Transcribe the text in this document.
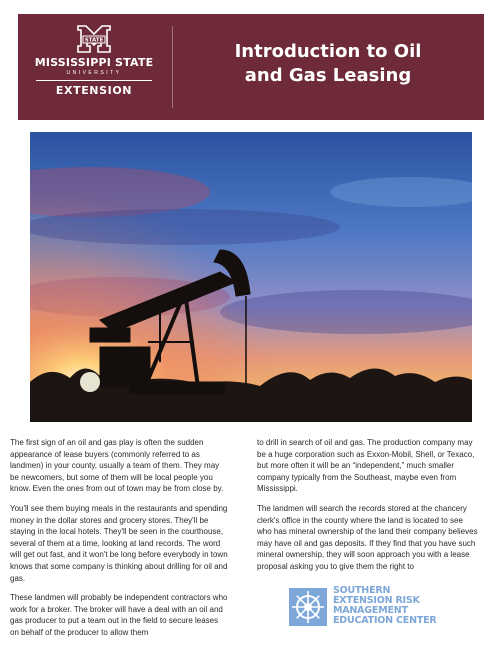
STATE
MISSISSIPPI STATE
UNIVERSITY
EXTENSION
Introduction to Oil
and Gas Leasing

The first sign of an oil and gas play is often the sudden appearance of lease buyers (commonly referred to as landmen) in your county, usually a team of them. They may be newcomers, but some of them will be local people you know. Even the ones from out of town may be from close by.

You'll see them buying meals in the restaurants and spending money in the dollar stores and grocery stores. They'll be staying in the local hotels. They'll be seen in the courthouse, several of them at a time, looking at land records. The word will get out fast, and it won't be long before everybody in town knows that some company is thinking about drilling for oil and gas.

These landmen will probably be independent contractors who work for a broker. The broker will have a deal with an oil and gas producer to put a team out in the field to secure leases on behalf of the producer to allow them

to drill in search of oil and gas. The production company may be a huge corporation such as Exxon-Mobil, Shell, or Texaco, but more often it will be an “independent,” much smaller company typically from the Southeast, maybe even from Mississippi.

The landmen will search the records stored at the chancery clerk's office in the county where the land is located to see who has mineral ownership of the land their company believes may have oil and gas deposits. If they find that you have such mineral ownership, they will soon approach you with a lease proposal asking you to give them the right to

SOUTHERN
EXTENSION RISK
MANAGEMENT
EDUCATION CENTER
